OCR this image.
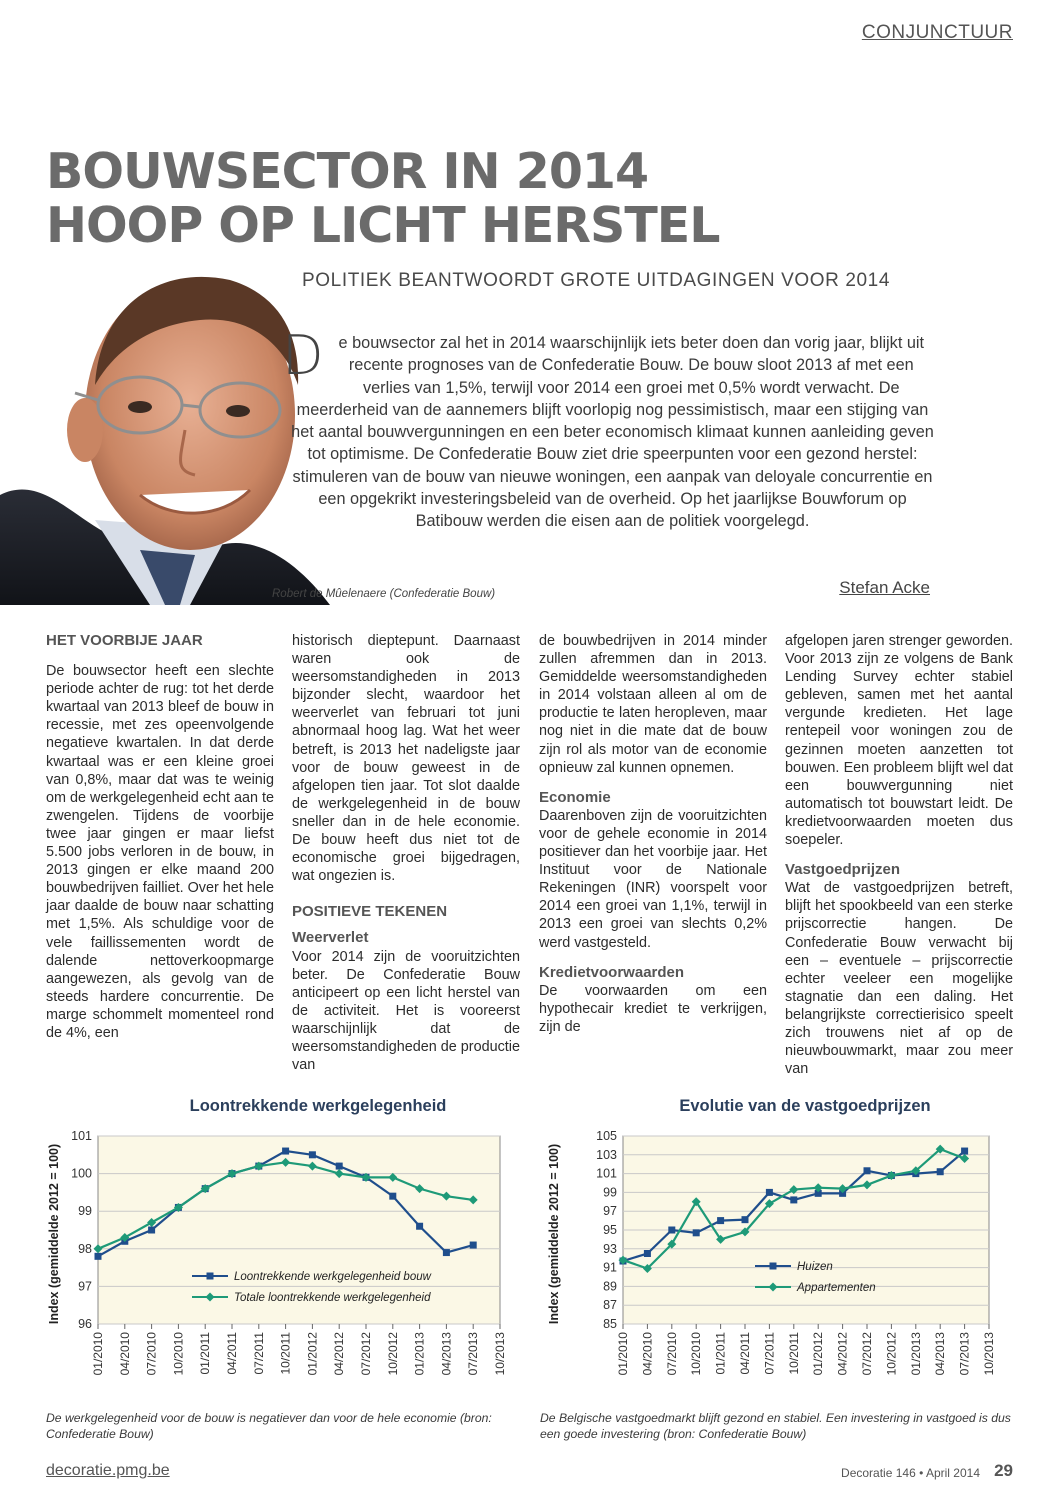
CONJUNCTUUR
BOUWSECTOR IN 2014
HOOP OP LICHT HERSTEL
POLITIEK BEANTWOORDT GROTE UITDAGINGEN VOOR 2014

De bouwsector zal het in 2014 waarschijnlijk iets beter doen dan vorig jaar, blijkt uit recente prognoses van de Confederatie Bouw. De bouw sloot 2013 af met een verlies van 1,5%, terwijl voor 2014 een groei met 0,5% wordt verwacht. De meerderheid van de aannemers blijft voorlopig nog pessimistisch, maar een stijging van het aantal bouwvergunningen en een beter economisch klimaat kunnen aanleiding geven tot optimisme. De Confederatie Bouw ziet drie speerpunten voor een gezond herstel: stimuleren van de bouw van nieuwe woningen, een aanpak van deloyale concurrentie en een opgekrikt investeringsbeleid van de overheid. Op het jaarlijkse Bouwforum op Batibouw werden die eisen aan de politiek voorgelegd.

Robert de Mûelenaere (Confederatie Bouw)	Stefan Acke
HET VOORBIJE JAAR

De bouwsector heeft een slechte periode achter de rug: tot het derde kwartaal van 2013 bleef de bouw in recessie, met zes opeenvolgende negatieve kwartalen. In dat derde kwartaal was er een kleine groei van 0,8%, maar dat was te weinig om de werkgelegenheid echt aan te zwengelen. Tijdens de voorbije twee jaar gingen er maar liefst 5.500 jobs verloren in de bouw, in 2013 gingen er elke maand 200 bouwbedrijven failliet. Over het hele jaar daalde de bouw naar schatting met 1,5%. Als schuldige voor de vele faillissementen wordt de dalende nettoverkoopmarge aangewezen, als gevolg van de steeds hardere concurrentie. De marge schommelt momenteel rond de 4%, een

historisch dieptepunt. Daarnaast waren ook de weersomstandigheden in 2013 bijzonder slecht, waardoor het weerverlet van februari tot juni abnormaal hoog lag. Wat het weer betreft, is 2013 het nadeligste jaar voor de bouw geweest in de afgelopen tien jaar. Tot slot daalde de werkgelegenheid in de bouw sneller dan in de hele economie. De bouw heeft dus niet tot de economische groei bijgedragen, wat ongezien is.

POSITIEVE TEKENEN
Weerverlet

Voor 2014 zijn de vooruitzichten beter. De Confederatie Bouw anticipeert op een licht herstel van de activiteit. Het is vooreerst waarschijnlijk dat de weersomstandigheden de productie van

de bouwbedrijven in 2014 minder zullen afremmen dan in 2013. Gemiddelde weersomstandigheden in 2014 volstaan alleen al om de productie te laten heropleven, maar nog niet in die mate dat de bouw zijn rol als motor van de economie opnieuw zal kunnen opnemen.

Economie

Daarenboven zijn de vooruitzichten voor de gehele economie in 2014 positiever dan het voorbije jaar. Het Instituut voor de Nationale Rekeningen (INR) voorspelt voor 2014 een groei van 1,1%, terwijl in 2013 een groei van slechts 0,2% werd vastgesteld.

Kredietvoorwaarden

De voorwaarden om een hypothecair krediet te verkrijgen, zijn de

afgelopen jaren strenger geworden. Voor 2013 zijn ze volgens de Bank Lending Survey echter stabiel gebleven, samen met het aantal vergunde kredieten. Het lage rentepeil voor woningen zou de gezinnen moeten aanzetten tot bouwen. Een probleem blijft wel dat een bouwvergunning niet automatisch tot bouwstart leidt. De kredietvoorwaarden moeten dus soepeler.

Vastgoedprijzen

Wat de vastgoedprijzen betreft, blijft het spookbeeld van een sterke prijscorrectie hangen. De Confederatie Bouw verwacht bij een – eventuele – prijscorrectie echter veeleer een mogelijke stagnatie dan een daling. Het belangrijkste correctierisico speelt zich trouwens niet af op de nieuwbouwmarkt, maar zou meer van

Loontrekkende werkgelegenheid
96
97
98
99
100
101
01/2010 04/2010 07/2010 10/2010 01/2011 04/2011 07/2011 10/2011 01/2012 04/2012 07/2012 10/2012 01/2013 04/2013 07/2013 10/2013
Index (gemiddelde 2012 = 100)	Loontrekkende werkgelegenheid bouw
Totale loontrekkende werkgelegenheid
De werkgelegenheid voor de bouw is negatiever dan voor de hele economie (bron: Confederatie Bouw)
Evolutie van de vastgoedprijzen
85
87
89
91
93
95
97
99
101
103
105
01/2010 04/2010 07/2010 10/2010 01/2011 04/2011 07/2011 10/2011 01/2012 04/2012 07/2012 10/2012 01/2013 04/2013 07/2013 10/2013
Index (gemiddelde 2012 = 100)	Huizen
Appartementen
De Belgische vastgoedmarkt blijft gezond en stabiel. Een investering in vastgoed is dus een goede investering (bron: Confederatie Bouw)
decoratie.pmg.be	Decoratie 146 • April 2014 29
